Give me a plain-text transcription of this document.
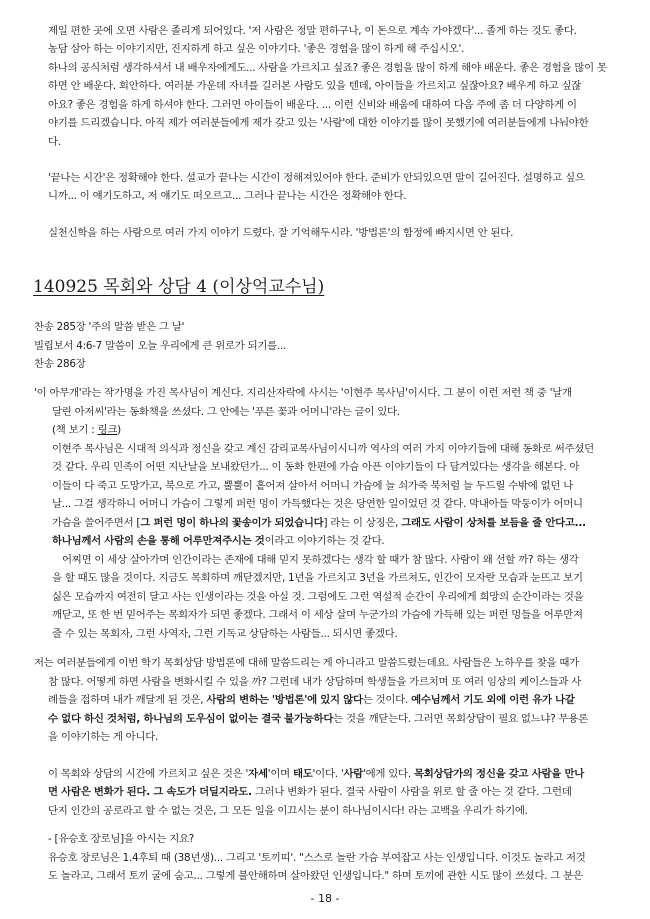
제일 편한 곳에 오면 사람은 졸리게 되어있다. '저 사람은 정말 편하구나, 이 돈으로 계속 가야겠다'... 졸게 하는 것도 좋다.

농담 삼아 하는 이야기지만, 진지하게 하고 싶은 이야기다. '좋은 경험을 많이 하게 해 주십시오'.

하나의 공식처럼 생각하셔서 내 배우자에게도... 사람을 가르치고 싶죠? 좋은 경험을 많이 하게 해야 배운다. 좋은 경험을 많이 못

하면 안 배운다. 회안하다. 여러분 가운데 자녀를 길러본 사람도 있을 텐데, 아이들을 가르치고 싶잖아요? 배우게 하고 싶잖

아요? 좋은 경험을 하게 하셔야 한다. 그러면 아이들이 배운다. ... 이런 신비와 배움에 대하여 다음 주에 좀 더 다양하게 이

야기를 드리겠습니다. 아직 제가 여러분들에게 제가 갖고 있는 '사람'에 대한 이야기를 많이 못했기에 여러분들에게 나눠야한

다.

'끝나는 시간'은 정확해야 한다. 설교가 끝나는 시간이 정해져있어야 한다. 준비가 안되있으면 말이 길어진다. 설명하고 싶으

니까... 이 얘기도하고, 저 얘기도 떠오르고... 그러나 끝나는 시간은 정확해야 한다.

실천신학을 하는 사람으로 여러 가지 이야기 드렸다. 잘 기억해두시라. '방법론'의 함정에 빠지시면 안 된다.

140925 목회와 상담 4 (이상억교수님)

찬송 285장 '주의 말씀 받은 그 날'

빌립보서 4:6-7 말씀이 오늘 우리에게 큰 위로가 되기를...

찬송 286장

'이 아무개'라는 작가명을 가진 목사님이 계신다. 지리산자락에 사시는 '이현주 목사님'이시다. 그 분이 이런 저런 책 중 '날개

달린 아저씨'라는 동화책을 쓰셨다. 그 안에는 '푸른 꽃과 어머니'라는 글이 있다.

(책 보기 : 링크)

이현주 목사님은 시대적 의식과 정신을 갖고 계신 감리교목사님이시니까 역사의 여러 가지 이야기들에 대해 동화로 써주셨던

것 같다. 우리 민족이 어떤 지난날을 보내왔던가... 이 동화 한편에 가슴 아픈 이야기들이 다 담겨있다는 생각을 해본다. 아

이들이 다 죽고 도망가고, 북으로 가고, 뿔뿔이 흩어져 살아서 어머니 가슴에 늘 쇠가죽 북처럼 늘 두드릴 수밖에 없던 나

날... 그걸 생각하니 어머니 가슴이 그렇게 퍼런 멍이 가득했다는 것은 당연한 일이었던 것 같다. 막내아들 막둥이가 어머니

가슴을 쓸어주면서 [그 퍼런 멍이 하나의 꽃송이가 되었습니다] 라는 이 상징은, 그래도 사람이 상처를 보듬을 줄 안다고...

하나님께서 사람의 손을 통해 어루만져주시는 것이라고 이야기하는 것 같다.

어찌면 이 세상 살아가며 인간이라는 존재에 대해 믿지 못하겠다는 생각 할 때가 참 많다. 사람이 왜 선할 까? 하는 생각

을 할 때도 많을 것이다. 지금도 목회하며 깨닫겠지만, 1년을 가르치고 3년을 가르쳐도, 인간이 모자란 모습과 눈뜨고 보기

싫은 모습까지 여전히 달고 사는 인생이라는 것을 아실 것. 그럼에도 그런 역설적 순간이 우리에게 희망의 순간이라는 것을

깨닫고, 또 한 번 믿어주는 목회자가 되면 좋겠다. 그래서 이 세상 살며 누군가의 가슴에 가득해 있는 퍼런 멍들을 어루만져

줄 수 있는 목회자, 그런 사역자, 그런 기독교 상담하는 사람들... 되시면 좋겠다.

저는 여러분들에게 이번 학기 목회상담 방법론에 대해 말씀드리는 게 아니라고 말씀드렸는데요. 사람들은 노하우를 찾을 때가

참 많다. 어떻게 하면 사람을 변화시킬 수 있을 까? 그런데 내가 상담하며 학생들을 가르치며 또 여러 임상의 케이스들과 사

례들을 접하며 내가 깨달게 된 것은, 사람의 변하는 '방법론'에 있지 않다는 것이다. 예수님께서 기도 외에 이런 유가 나갈

수 없다 하신 것처럼, 하나님의 도우심이 없이는 결국 불가능하다는 것을 깨닫는다. 그러면 목회상담이 필요 없느냐? 무용론

을 이야기하는 게 아니다.

이 목회와 상담의 시간에 가르치고 싶은 것은 '자세'이며 태도'이다. '사람'에게 있다. 목회상담가의 정신을 갖고 사람을 만나

면 사람은 변화가 된다. 그 속도가 더딜지라도. 그러나 변화가 된다. 결국 사람이 사람을 위로 할 줄 아는 것 같다. 그런데

단지 인간의 공로라고 할 수 없는 것은, 그 모든 일을 이끄시는 분이 하나님이시다! 라는 고백을 우리가 하기에.

- [유승호 장로님]을 아시는 지요?

유승호 장로님은 1.4후퇴 때 (38년생)... 그리고 '토끼띠'. "스스로 놀란 가슴 부여잡고 사는 인생입니다. 이것도 놀라고 저것

도 놀라고, 그래서 토끼 굴에 숨고... 그렇게 불안해하며 살아왔던 인생입니다." 하며 토끼에 관한 시도 많이 쓰셨다. 그 분은

- 18 -
